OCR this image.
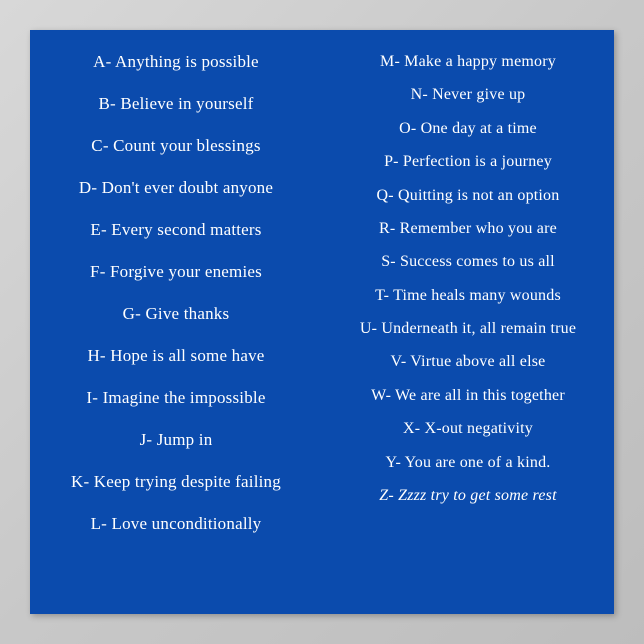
A- Anything is possible
B- Believe in yourself
C- Count your blessings
D- Don't ever doubt anyone
E- Every second matters
F- Forgive your enemies
G- Give thanks
H- Hope is all some have
I- Imagine the impossible
J- Jump in
K- Keep trying despite failing
L- Love unconditionally
M- Make a happy memory
N- Never give up
O- One day at a time
P- Perfection is a journey
Q- Quitting is not an option
R- Remember who you are
S- Success comes to us all
T- Time heals many wounds
U- Underneath it, all remain true
V- Virtue above all else
W- We are all in this together
X- X-out negativity
Y- You are one of a kind.
Z- Zzzz try to get some rest
